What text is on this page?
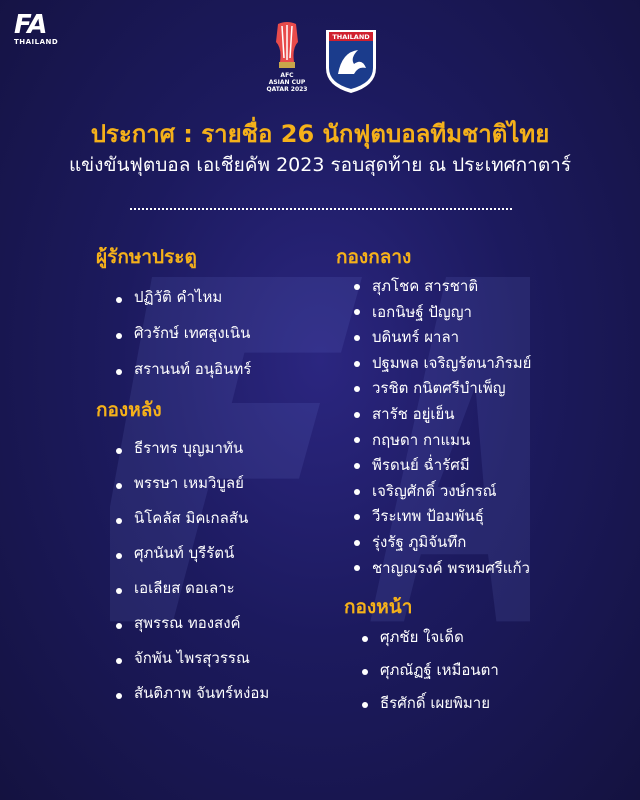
FA
THAILAND
AFC
ASIAN CUP
QATAR 2023
THAILAND
ประกาศ : รายชื่อ 26 นักฟุตบอลทีมชาติไทย
แข่งขันฟุตบอล เอเชียคัพ 2023 รอบสุดท้าย ณ ประเทศกาตาร์
ผู้รักษาประตู
ปฏิวัติ คำไหม
ศิวรักษ์ เทศสูงเนิน
สรานนท์ อนุอินทร์
กองหลัง
ธีราทร บุญมาทัน
พรรษา เหมวิบูลย์
นิโคลัส มิคเกลสัน
ศุภนันท์ บุรีรัตน์
เอเลียส ดอเลาะ
สุพรรณ ทองสงค์
จักพัน ไพรสุวรรณ
สันติภาพ จันทร์หง่อม
กองกลาง
สุภโชค สารชาติ
เอกนิษฐ์ ปัญญา
บดินทร์ ผาลา
ปฐมพล เจริญรัตนาภิรมย์
วรชิต กนิตศรีบำเพ็ญ
สารัช อยู่เย็น
กฤษดา กาแมน
พีรดนย์ ฉ่ำรัศมี
เจริญศักดิ์ วงษ์กรณ์
วีระเทพ ป้อมพันธุ์
รุ่งรัฐ ภูมิจันทึก
ชาญณรงค์ พรหมศรีแก้ว
กองหน้า
ศุภชัย ใจเด็ด
ศุภณัฏฐ์ เหมือนตา
ธีรศักดิ์ เผยพิมาย
